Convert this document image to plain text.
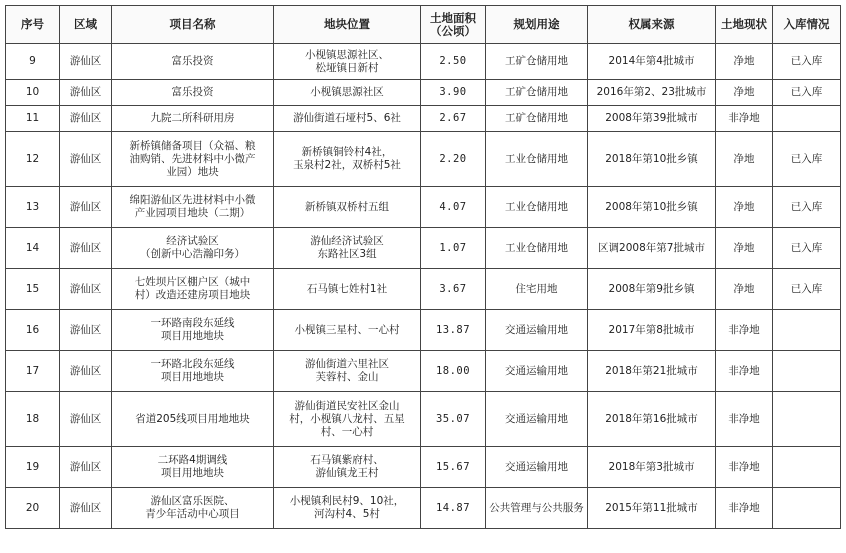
序号	区域	项目名称	地块位置	土地面积
（公顷）	规划用途	权属来源	土地现状	入库情况
9	游仙区	富乐投资	小枧镇思源社区、
松垭镇日新村	2.50	工矿仓储用地	2014年第4批城市	净地	已入库
10	游仙区	富乐投资	小枧镇思源社区	3.90	工矿仓储用地	2016年第2、23批城市	净地	已入库
11	游仙区	九院二所科研用房	游仙街道石垭村5、6社	2.67	工矿仓储用地	2008年第39批城市	非净地	
12	游仙区	新桥镇储备项目（众福、粮
油购销、先进材料中小微产
业园）地块	新桥镇铜铃村4社，
玉泉村2社，双桥村5社	2.20	工业仓储用地	2018年第10批乡镇	净地	已入库
13	游仙区	绵阳游仙区先进材料中小微
产业园项目地块（二期）	新桥镇双桥村五组	4.07	工业仓储用地	2008年第10批乡镇	净地	已入库
14	游仙区	经济试验区
（创新中心浩瀚印务）	游仙经济试验区
东路社区3组	1.07	工业仓储用地	区调2008年第7批城市	净地	已入库
15	游仙区	七姓坝片区棚户区（城中
村）改造还建房项目地块	石马镇七姓村1社	3.67	住宅用地	2008年第9批乡镇	净地	已入库
16	游仙区	一环路南段东延线
项目用地地块	小枧镇三星村、一心村	13.87	交通运输用地	2017年第8批城市	非净地	
17	游仙区	一环路北段东延线
项目用地地块	游仙街道六里社区
芙蓉村、金山	18.00	交通运输用地	2018年第21批城市	非净地	
18	游仙区	省道205线项目用地地块	游仙街道民安社区金山
村，小枧镇八龙村、五星
村、一心村	35.07	交通运输用地	2018年第16批城市	非净地	
19	游仙区	二环路4期调线
项目用地地块	石马镇紫府村、
游仙镇龙王村	15.67	交通运输用地	2018年第3批城市	非净地	
20	游仙区	游仙区富乐医院、
青少年活动中心项目	小枧镇利民村9、10社，
河沟村4、5村	14.87	公共管理与公共服务	2015年第11批城市	非净地	
